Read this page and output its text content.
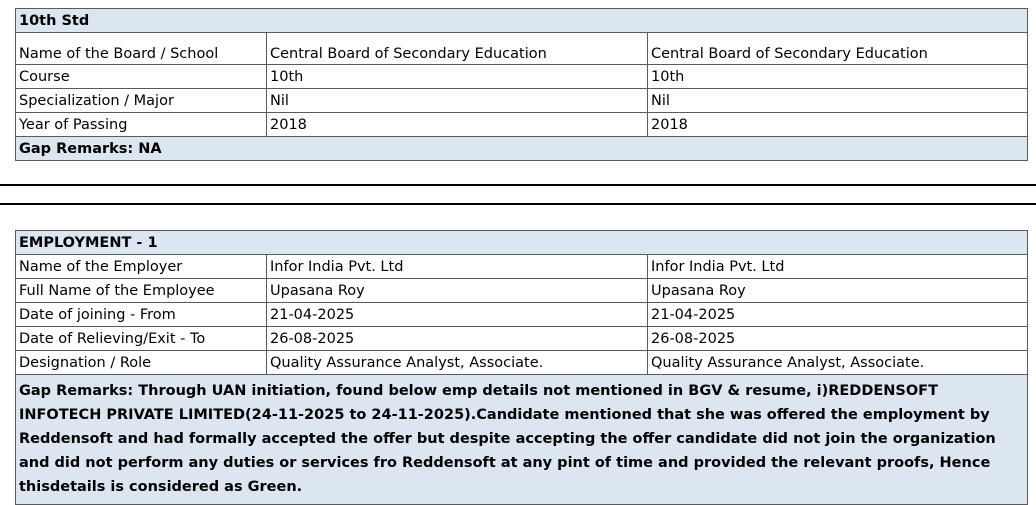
10th Std		
Name of the Board / School	Central Board of Secondary Education	Central Board of Secondary Education
Course	10th	10th
Specialization / Major	Nil	Nil
Year of Passing	2018	2018
Gap Remarks: NA		
EMPLOYMENT - 1		
Name of the Employer	Infor India Pvt. Ltd	Infor India Pvt. Ltd
Full Name of the Employee	Upasana Roy	Upasana Roy
Date of joining - From	21-04-2025	21-04-2025
Date of Relieving/Exit - To	26-08-2025	26-08-2025
Designation / Role	Quality Assurance Analyst, Associate.	Quality Assurance Analyst, Associate.
Gap Remarks: Through UAN initiation, found below emp details not mentioned in BGV & resume, i)REDDENSOFT INFOTECH PRIVATE LIMITED(24-11-2025 to 24-11-2025).Candidate mentioned that she was offered the employment by Reddensoft and had formally accepted the offer but despite accepting the offer candidate did not join the organization and did not perform any duties or services fro Reddensoft at any pint of time and provided the relevant proofs, Hence thisdetails is considered as Green.		
